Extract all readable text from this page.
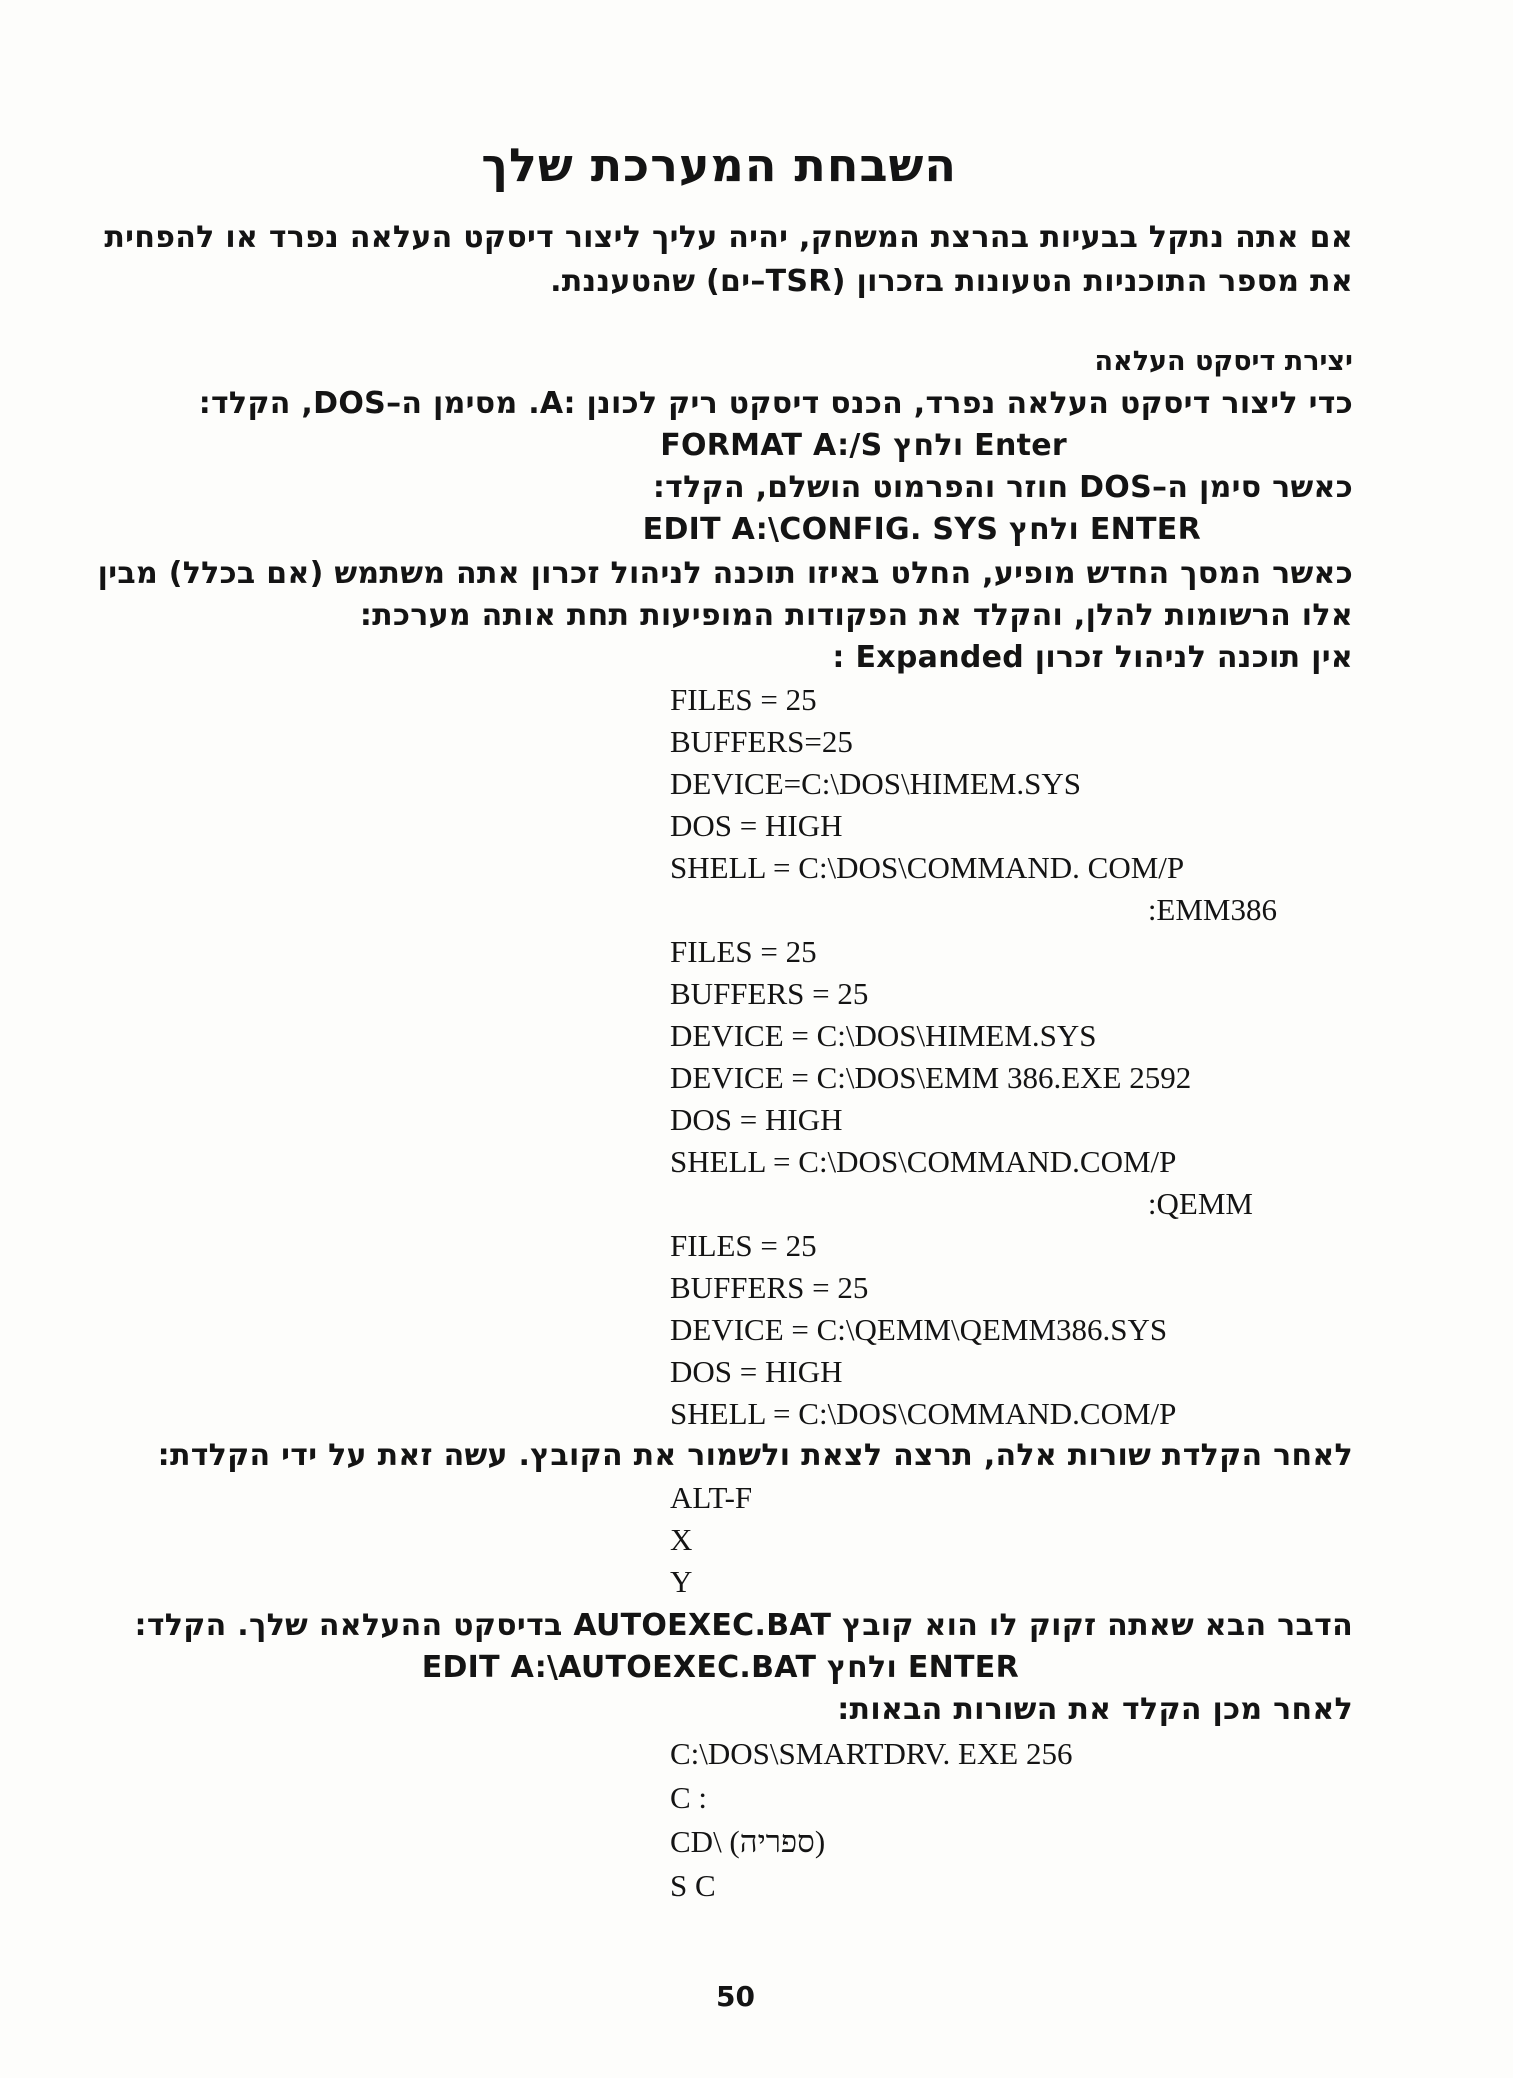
השבחת המערכת שלך
אם אתה נתקל בבעיות בהרצת המשחק, יהיה עליך ליצור דיסקט העלאה נפרד או להפחית
את מספר התוכניות הטעונות בזכרון (TSR–ים) שהטעננת.
יצירת דיסקט העלאה
כדי ליצור דיסקט העלאה נפרד, הכנס דיסקט ריק לכונן :A. מסימן ה–DOS, הקלד:
FORMAT A:/S ולחץ Enter
כאשר סימן ה–DOS חוזר והפרמוט הושלם, הקלד:
EDIT A:\CONFIG. SYS ולחץ ENTER
כאשר המסך החדש מופיע, החלט באיזו תוכנה לניהול זכרון אתה משתמש (אם בכלל) מבין
אלו הרשומות להלן, והקלד את הפקודות המופיעות תחת אותה מערכת:
אין תוכנה לניהול זכרון Expanded :
FILES = 25
BUFFERS=25
DEVICE=C:\DOS\HIMEM.SYS
DOS = HIGH
SHELL = C:\DOS\COMMAND. COM/P
:EMM386
FILES = 25
BUFFERS = 25
DEVICE = C:\DOS\HIMEM.SYS
DEVICE = C:\DOS\EMM 386.EXE 2592
DOS = HIGH
SHELL = C:\DOS\COMMAND.COM/P
:QEMM
FILES = 25
BUFFERS = 25
DEVICE = C:\QEMM\QEMM386.SYS
DOS = HIGH
SHELL = C:\DOS\COMMAND.COM/P
לאחר הקלדת שורות אלה, תרצה לצאת ולשמור את הקובץ. עשה זאת על ידי הקלדת:
ALT-F
X
Y
הדבר הבא שאתה זקוק לו הוא קובץ AUTOEXEC.BAT בדיסקט ההעלאה שלך. הקלד:
EDIT A:\AUTOEXEC.BAT ולחץ ENTER
לאחר מכן הקלד את השורות הבאות:
C:\DOS\SMARTDRV. EXE 256
C :
CD\ (ספריה)
S C
50
